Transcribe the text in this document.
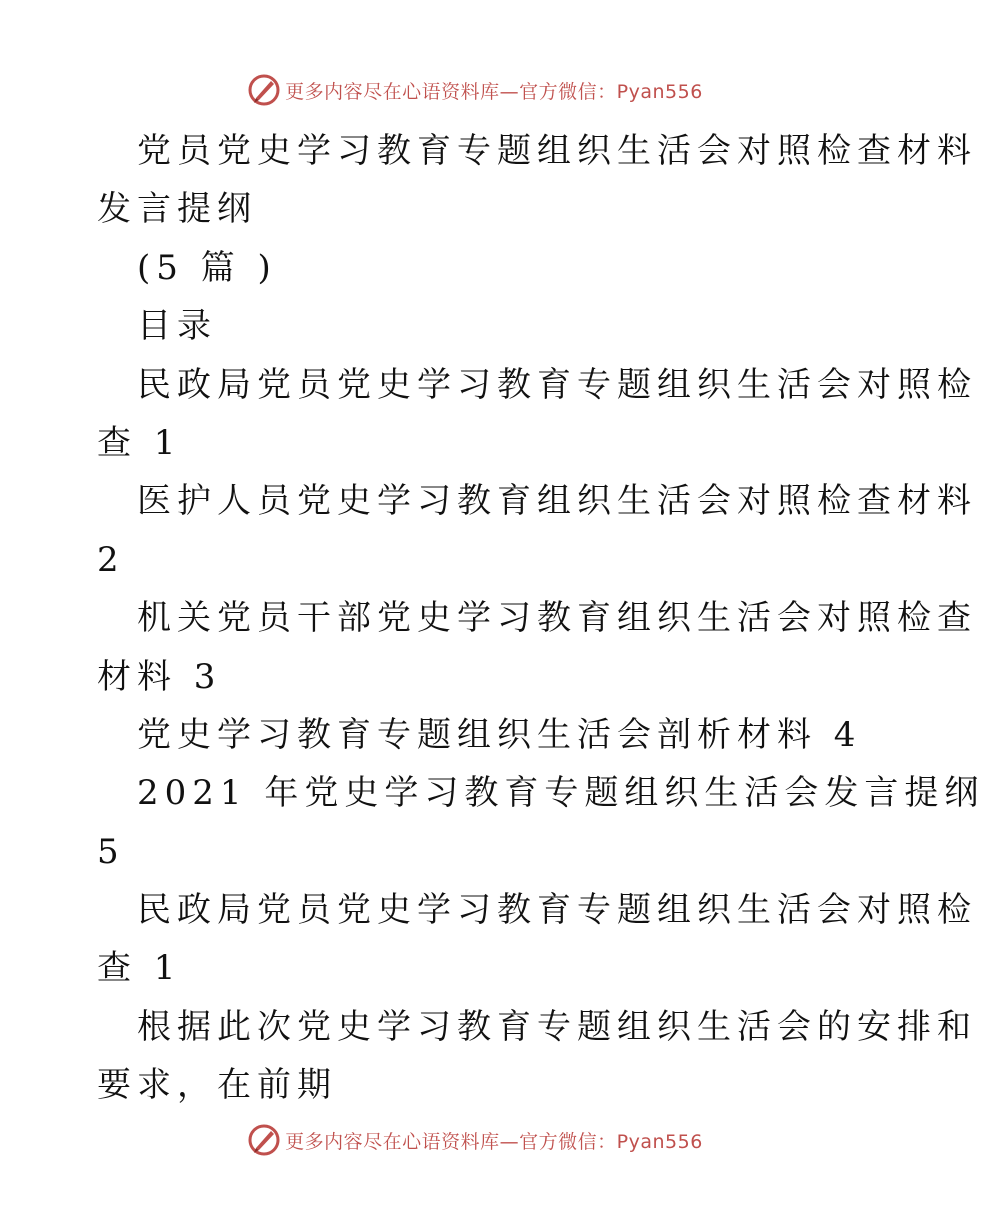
更多内容尽在心语资料库—官方微信：Pyan556
党员党史学习教育专题组织生活会对照检查材料
发言提纲
(5 篇 )
目录
民政局党员党史学习教育专题组织生活会对照检
查 1
医护人员党史学习教育组织生活会对照检查材料
2
机关党员干部党史学习教育组织生活会对照检查
材料 3
党史学习教育专题组织生活会剖析材料 4
2021 年党史学习教育专题组织生活会发言提纲
5
民政局党员党史学习教育专题组织生活会对照检
查 1
根据此次党史学习教育专题组织生活会的安排和
要求，在前期
更多内容尽在心语资料库—官方微信：Pyan556
